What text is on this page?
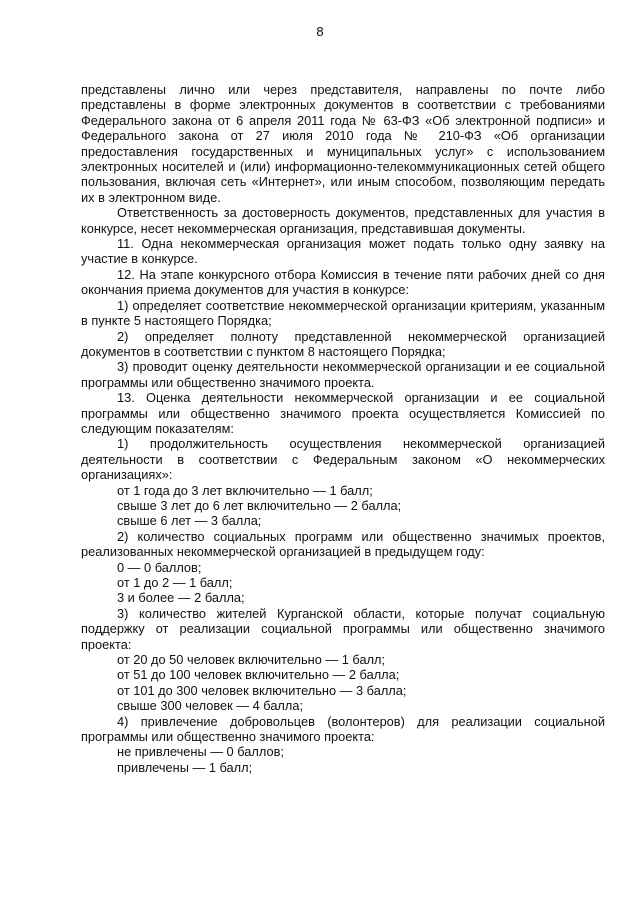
8

представлены лично или через представителя, направлены по почте либо представлены в форме электронных документов в соответствии с требованиями Федерального закона от 6 апреля 2011 года № 63-ФЗ «Об электронной подписи» и Федерального закона от 27 июля 2010 года № 210-ФЗ «Об организации предоставления государственных и муниципальных услуг» с использованием электронных носителей и (или) информационно-телекоммуникационных сетей общего пользования, включая сеть «Интернет», или иным способом, позволяющим передать их в электронном виде.

Ответственность за достоверность документов, представленных для участия в конкурсе, несет некоммерческая организация, представившая документы.

11. Одна некоммерческая организация может подать только одну заявку на участие в конкурсе.

12. На этапе конкурсного отбора Комиссия в течение пяти рабочих дней со дня окончания приема документов для участия в конкурсе:

1) определяет соответствие некоммерческой организации критериям, указанным в пункте 5 настоящего Порядка;

2) определяет полноту представленной некоммерческой организацией документов в соответствии с пунктом 8 настоящего Порядка;

3) проводит оценку деятельности некоммерческой организации и ее социальной программы или общественно значимого проекта.

13. Оценка деятельности некоммерческой организации и ее социальной программы или общественно значимого проекта осуществляется Комиссией по следующим показателям:

1) продолжительность осуществления некоммерческой организацией деятельности в соответствии с Федеральным законом «О некоммерческих организациях»:

от 1 года до 3 лет включительно — 1 балл;

свыше 3 лет до 6 лет включительно — 2 балла;

свыше 6 лет — 3 балла;

2) количество социальных программ или общественно значимых проектов, реализованных некоммерческой организацией в предыдущем году:

0 — 0 баллов;

от 1 до 2 — 1 балл;

3 и более — 2 балла;

3) количество жителей Курганской области, которые получат социальную поддержку от реализации социальной программы или общественно значимого проекта:

от 20 до 50 человек включительно — 1 балл;

от 51 до 100 человек включительно — 2 балла;

от 101 до 300 человек включительно — 3 балла;

свыше 300 человек — 4 балла;

4) привлечение добровольцев (волонтеров) для реализации социальной программы или общественно значимого проекта:

не привлечены — 0 баллов;

привлечены — 1 балл;
